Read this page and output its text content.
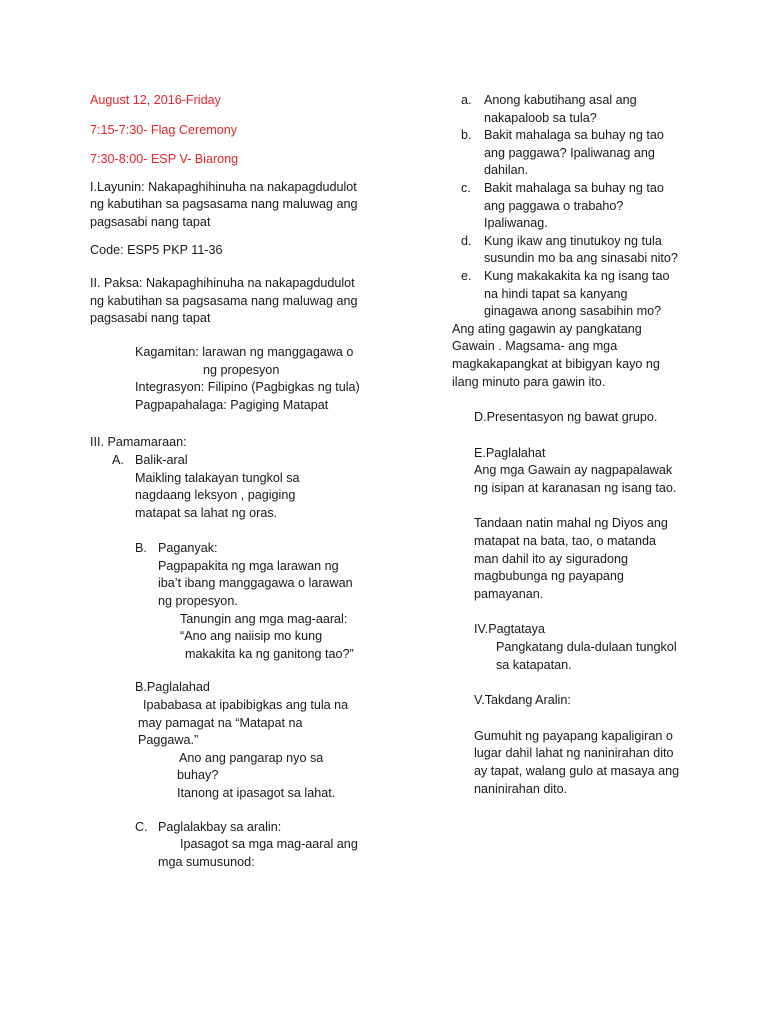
August 12, 2016-Friday

7:15-7:30- Flag Ceremony

7:30-8:00- ESP V- Biarong

I.Layunin: Nakapaghihinuha na nakapagdudulot

ng kabutihan sa pagsasama nang maluwag ang

pagsasabi nang tapat

Code: ESP5 PKP 11-36

II. Paksa: Nakapaghihinuha na nakapagdudulot

ng kabutihan sa pagsasama nang maluwag ang

pagsasabi nang tapat

Kagamitan: larawan ng manggagawa o

ng propesyon

Integrasyon: Filipino (Pagbigkas ng tula)

Pagpapahalaga: Pagiging Matapat

III. Pamamaraan:

A. Balik-aral

Maikling talakayan tungkol sa

nagdaang leksyon , pagiging

matapat sa lahat ng oras.

B. Paganyak:

Pagpapakita ng mga larawan ng

iba’t ibang manggagawa o larawan

ng propesyon.

Tanungin ang mga mag-aaral:

“Ano ang naiisip mo kung

makakita ka ng ganitong tao?”

B.Paglalahad

Ipababasa at ipabibigkas ang tula na

may pamagat na “Matapat na

Paggawa.”

Ano ang pangarap nyo sa

buhay?

Itanong at ipasagot sa lahat.

C. Paglalakbay sa aralin:

Ipasagot sa mga mag-aaral ang

mga sumusunod:

a. Anong kabutihang asal ang

nakapaloob sa tula?

b. Bakit mahalaga sa buhay ng tao

ang paggawa? Ipaliwanag ang

dahilan.

c. Bakit mahalaga sa buhay ng tao

ang paggawa o trabaho?

Ipaliwanag.

d. Kung ikaw ang tinutukoy ng tula

susundin mo ba ang sinasabi nito?

e. Kung makakakita ka ng isang tao

na hindi tapat sa kanyang

ginagawa anong sasabihin mo?

Ang ating gagawin ay pangkatang

Gawain . Magsama- ang mga

magkakapangkat at bibigyan kayo ng

ilang minuto para gawin ito.

D.Presentasyon ng bawat grupo.

E.Paglalahat

Ang mga Gawain ay nagpapalawak

ng isipan at karanasan ng isang tao.

Tandaan natin mahal ng Diyos ang

matapat na bata, tao, o matanda

man dahil ito ay siguradong

magbubunga ng payapang

pamayanan.

IV.Pagtataya

Pangkatang dula-dulaan tungkol

sa katapatan.

V.Takdang Aralin:

Gumuhit ng payapang kapaligiran o

lugar dahil lahat ng naninirahan dito

ay tapat, walang gulo at masaya ang

naninirahan dito.
